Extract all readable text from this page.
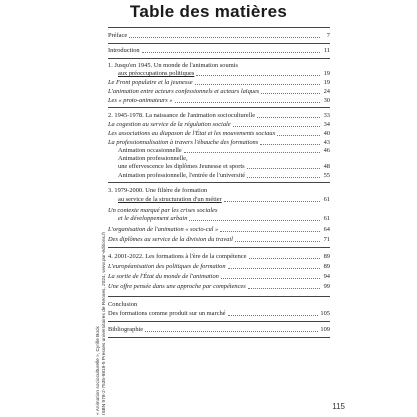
Table des matières
Préface	7
Introduction	11
1. Jusqu'en 1945. Un monde de l'animation soumis
aux préoccupations politiques	19
Le Front populaire et la jeunesse	19
L'animation entre acteurs confessionnels et acteurs laïques	24
Les « proto-animateurs »	30
2. 1945-1978. La naissance de l'animation socioculturelle	33
La cogestion au service de la régulation sociale	34
Les associations au diapason de l'État et les mouvements sociaux	40
La professionnalisation à travers l'ébauche des formations	43
Animation occasionnelle	46
Animation professionnelle,
une effervescence les diplômes Jeunesse et sports	48
Animation professionnelle, l'entrée de l'université	55
3. 1979-2000. Une filière de formation
au service de la structuration d'un métier	61
Un contexte marqué par les crises sociales
et le développement urbain	61
L'organisation de l'animation « socio-cul »	64
Des diplômes au service de la division du travail	71
4. 2001-2022. Les formations à l'ère de la compétence	89
L'européanisation des politiques de formation	89
La sortie de l'État du monde de l'animation	94
Une offre pensée dans une approche par compétences	99
Conclusion
Des formations comme produit sur un marché	105
Bibliographie	109
« Animation socioculturelle », Cyrille Bock ISBN 978-2-7535-9819-5 Presses universitaires de Rennes, 2024, www.pur-editions.fr	115
